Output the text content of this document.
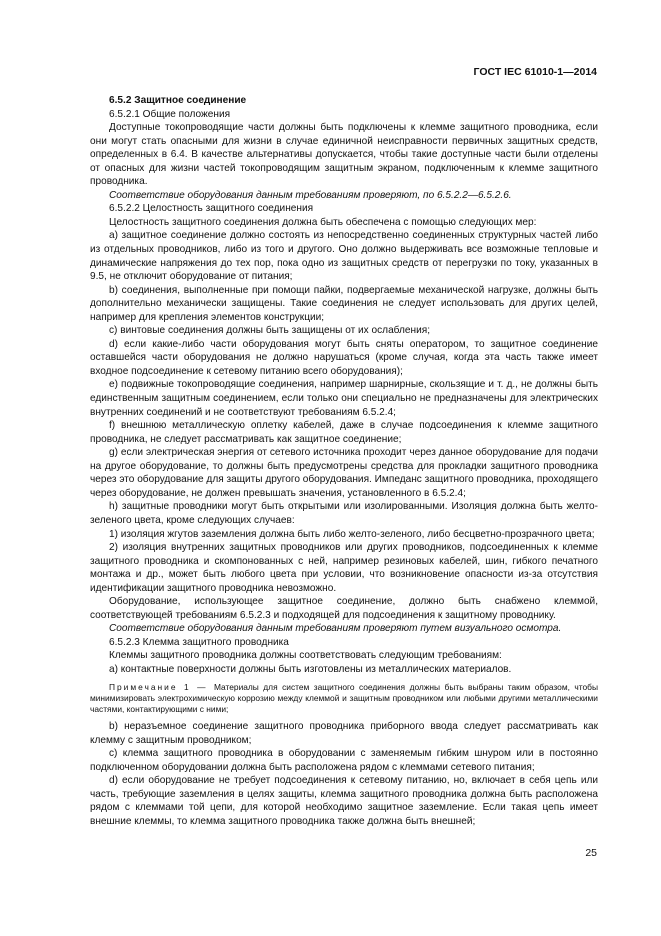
ГОСТ IEC 61010-1—2014

6.5.2 Защитное соединение

6.5.2.1 Общие положения

Доступные токопроводящие части должны быть подключены к клемме защитного проводника, если они могут стать опасными для жизни в случае единичной неисправности первичных защитных средств, определенных в 6.4. В качестве альтернативы допускается, чтобы такие доступные части были отделены от опасных для жизни частей токопроводящим защитным экраном, подключенным к клемме защитного проводника.

Соответствие оборудования данным требованиям проверяют, по 6.5.2.2—6.5.2.6.

6.5.2.2 Целостность защитного соединения

Целостность защитного соединения должна быть обеспечена с помощью следующих мер:

a) защитное соединение должно состоять из непосредственно соединенных структурных частей либо из отдельных проводников, либо из того и другого. Оно должно выдерживать все возможные тепловые и динамические напряжения до тех пор, пока одно из защитных средств от перегрузки по току, указанных в 9.5, не отключит оборудование от питания;

b) соединения, выполненные при помощи пайки, подвергаемые механической нагрузке, должны быть дополнительно механически защищены. Такие соединения не следует использовать для других целей, например для крепления элементов конструкции;

c) винтовые соединения должны быть защищены от их ослабления;

d) если какие-либо части оборудования могут быть сняты оператором, то защитное соединение оставшейся части оборудования не должно нарушаться (кроме случая, когда эта часть также имеет входное подсоединение к сетевому питанию всего оборудования);

e) подвижные токопроводящие соединения, например шарнирные, скользящие и т. д., не должны быть единственным защитным соединением, если только они специально не предназначены для электрических внутренних соединений и не соответствуют требованиям 6.5.2.4;

f) внешнюю металлическую оплетку кабелей, даже в случае подсоединения к клемме защитного проводника, не следует рассматривать как защитное соединение;

g) если электрическая энергия от сетевого источника проходит через данное оборудование для подачи на другое оборудование, то должны быть предусмотрены средства для прокладки защитного проводника через это оборудование для защиты другого оборудования. Импеданс защитного проводника, проходящего через оборудование, не должен превышать значения, установленного в 6.5.2.4;

h) защитные проводники могут быть открытыми или изолированными. Изоляция должна быть желто-зеленого цвета, кроме следующих случаев:

1) изоляция жгутов заземления должна быть либо желто-зеленого, либо бесцветно-прозрачного цвета;

2) изоляция внутренних защитных проводников или других проводников, подсоединенных к клемме защитного проводника и скомпонованных с ней, например резиновых кабелей, шин, гибкого печатного монтажа и др., может быть любого цвета при условии, что возникновение опасности из-за отсутствия идентификации защитного проводника невозможно.

Оборудование, использующее защитное соединение, должно быть снабжено клеммой, соответствующей требованиям 6.5.2.3 и подходящей для подсоединения к защитному проводнику.

Соответствие оборудования данным требованиям проверяют путем визуального осмотра.

6.5.2.3 Клемма защитного проводника

Клеммы защитного проводника должны соответствовать следующим требованиям:

a) контактные поверхности должны быть изготовлены из металлических материалов.

Примечание 1 — Материалы для систем защитного соединения должны быть выбраны таким образом, чтобы минимизировать электрохимическую коррозию между клеммой и защитным проводником или любыми другими металлическими частями, контактирующими с ними;

b) неразъемное соединение защитного проводника приборного ввода следует рассматривать как клемму с защитным проводником;

c) клемма защитного проводника в оборудовании с заменяемым гибким шнуром или в постоянно подключенном оборудовании должна быть расположена рядом с клеммами сетевого питания;

d) если оборудование не требует подсоединения к сетевому питанию, но, включает в себя цепь или часть, требующие заземления в целях защиты, клемма защитного проводника должна быть расположена рядом с клеммами той цепи, для которой необходимо защитное заземление. Если такая цепь имеет внешние клеммы, то клемма защитного проводника также должна быть внешней;

25
